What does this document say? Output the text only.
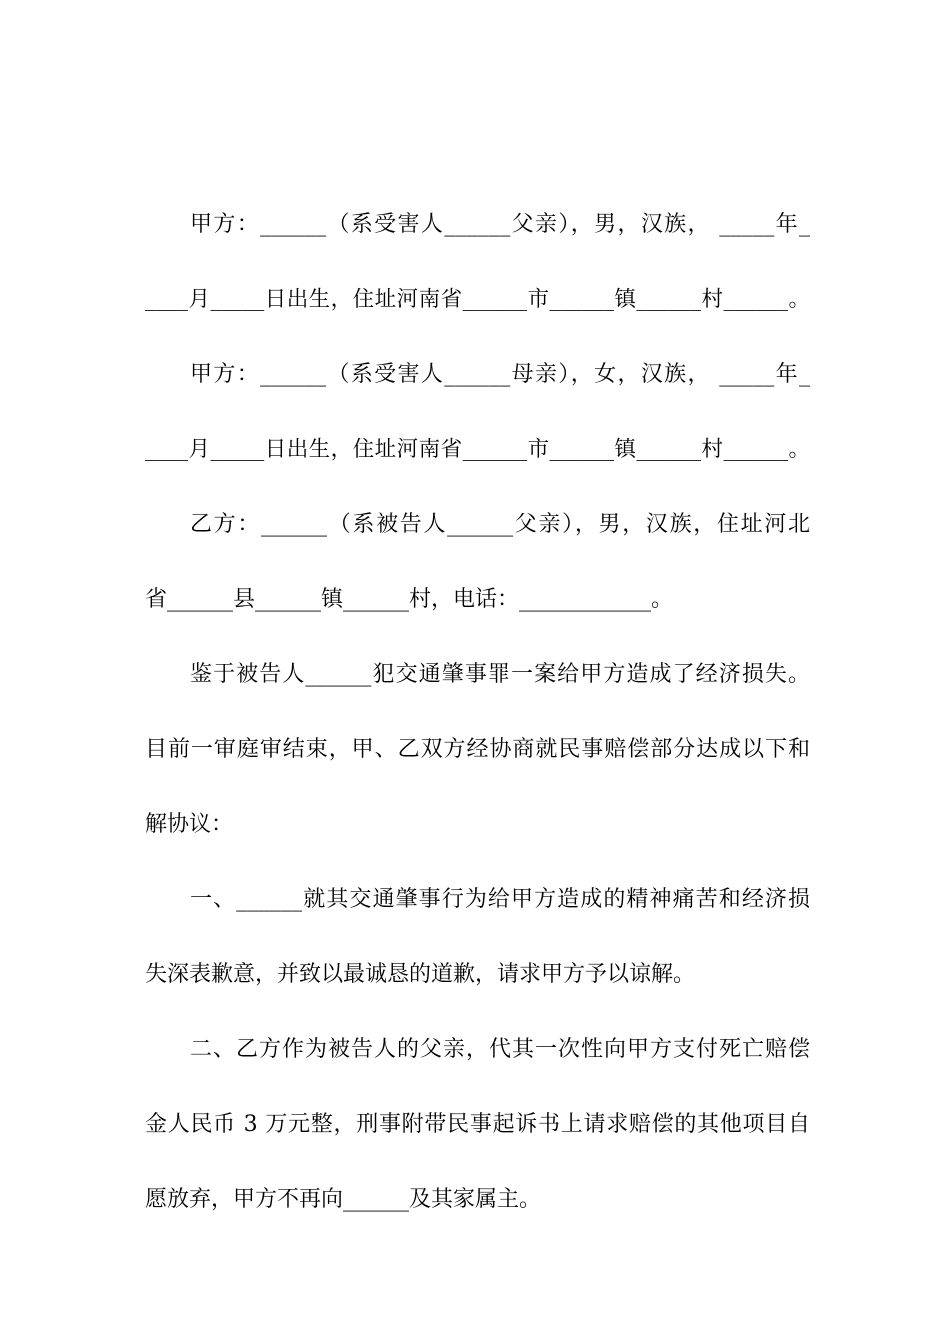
甲方：______（系受害人______父亲），男，汉族， _____年_

____月_____日出生，住址河南省______市______镇______村______。

甲方：______（系受害人______母亲），女，汉族， _____年_

____月_____日出生，住址河南省______市______镇______村______。

乙方：______（系被告人______父亲），男，汉族，住址河北

省______县______镇______村，电话：____________。

鉴于被告人______犯交通肇事罪一案给甲方造成了经济损失。

目前一审庭审结束，甲、乙双方经协商就民事赔偿部分达成以下和

解协议：

一、______就其交通肇事行为给甲方造成的精神痛苦和经济损

失深表歉意，并致以最诚恳的道歉，请求甲方予以谅解。

二、乙方作为被告人的父亲，代其一次性向甲方支付死亡赔偿

金人民币 3 万元整，刑事附带民事起诉书上请求赔偿的其他项目自

愿放弃，甲方不再向______及其家属主。
